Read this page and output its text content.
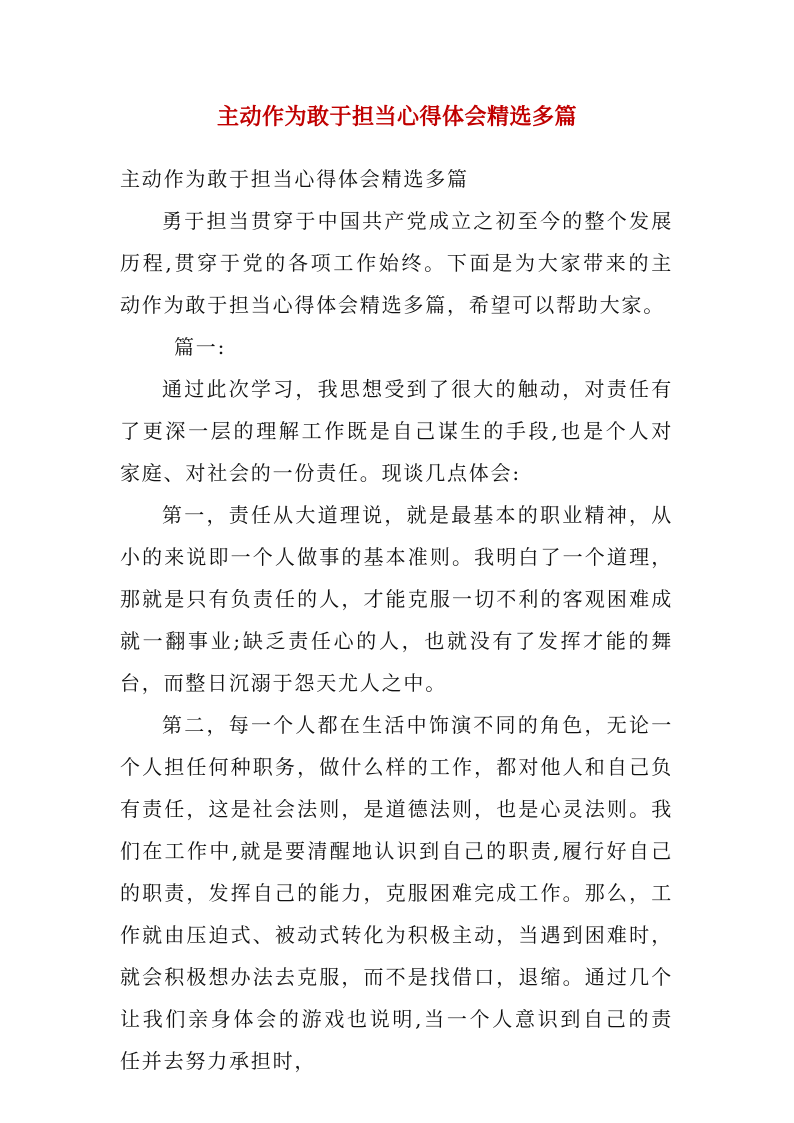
主动作为敢于担当心得体会精选多篇

主动作为敢于担当心得体会精选多篇

勇于担当贯穿于中国共产党成立之初至今的整个发展历程,贯穿于党的各项工作始终。下面是为大家带来的主动作为敢于担当心得体会精选多篇，希望可以帮助大家。

篇一:

通过此次学习，我思想受到了很大的触动，对责任有了更深一层的理解工作既是自己谋生的手段,也是个人对家庭、对社会的一份责任。现谈几点体会:

第一，责任从大道理说，就是最基本的职业精神，从小的来说即一个人做事的基本准则。我明白了一个道理，那就是只有负责任的人，才能克服一切不利的客观困难成就一翻事业;缺乏责任心的人，也就没有了发挥才能的舞台，而整日沉溺于怨天尤人之中。

第二，每一个人都在生活中饰演不同的角色，无论一个人担任何种职务，做什么样的工作，都对他人和自己负有责任，这是社会法则，是道德法则，也是心灵法则。我们在工作中,就是要清醒地认识到自己的职责,履行好自己的职责，发挥自己的能力，克服困难完成工作。那么，工作就由压迫式、被动式转化为积极主动，当遇到困难时，就会积极想办法去克服，而不是找借口，退缩。通过几个让我们亲身体会的游戏也说明,当一个人意识到自己的责任并去努力承担时，
